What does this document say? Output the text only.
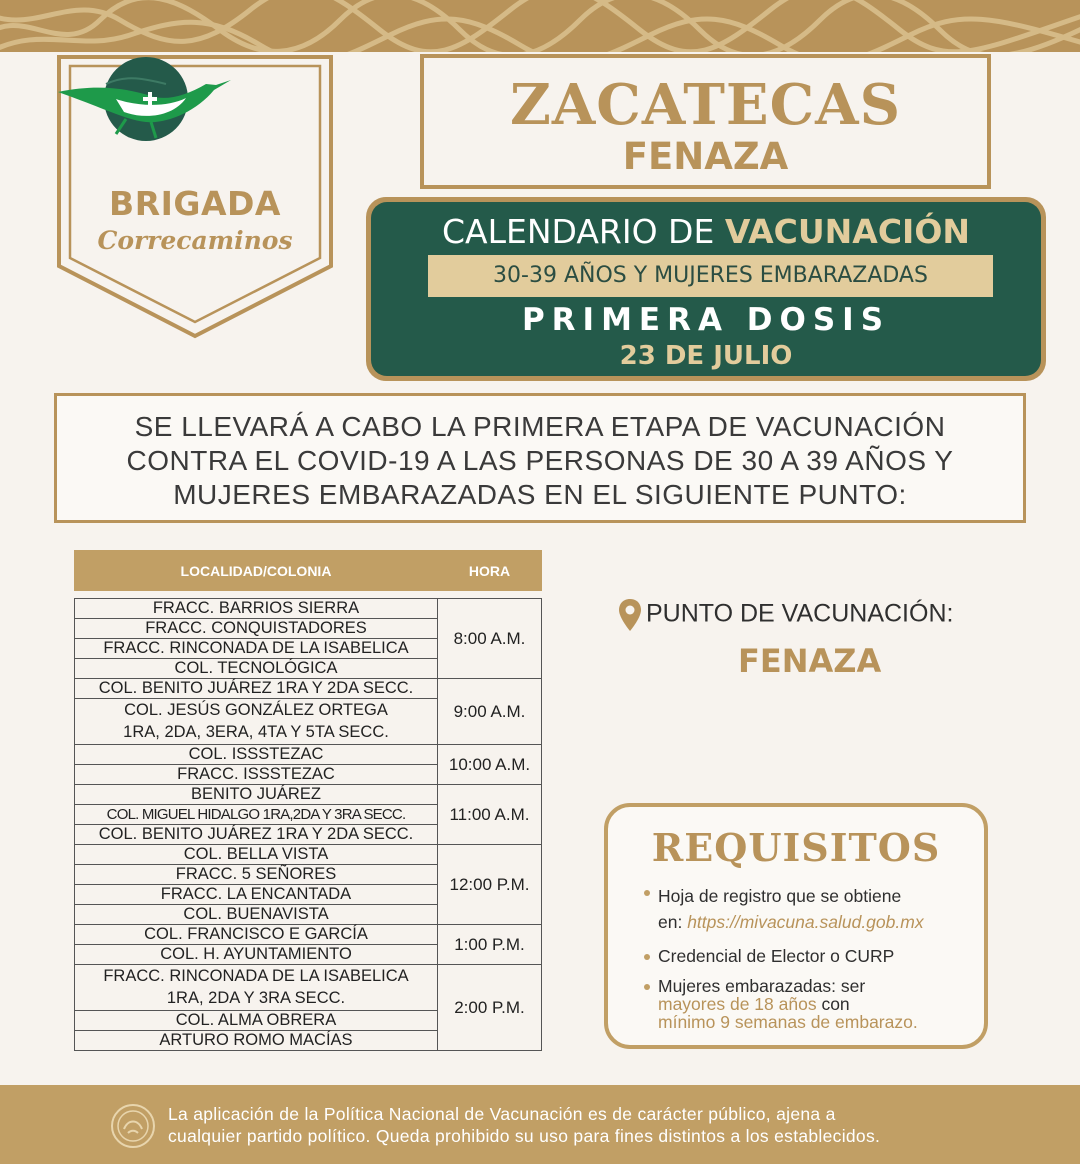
BRIGADA
Correcaminos
ZACATECAS
FENAZA
CALENDARIO DE VACUNACIÓN
30-39 AÑOS Y MUJERES EMBARAZADAS
PRIMERA DOSIS
23 DE JULIO
SE LLEVARÁ A CABO LA PRIMERA ETAPA DE VACUNACIÓN
CONTRA EL COVID-19 A LAS PERSONAS DE 30 A 39 AÑOS Y
MUJERES EMBARAZADAS EN EL SIGUIENTE PUNTO:
LOCALIDAD/COLONIA	HORA

FRACC. BARRIOS SIERRA	8:00 A.M.
FRACC. CONQUISTADORES	
FRACC. RINCONADA DE LA ISABELICA	
COL. TECNOLÓGICA	
COL. BENITO JUÁREZ 1RA Y 2DA SECC.	9:00 A.M.
COL. JESÚS GONZÁLEZ ORTEGA	
1RA, 2DA, 3ERA, 4TA Y 5TA SECC.	
COL. ISSSTEZAC	10:00 A.M.
FRACC. ISSSTEZAC	
BENITO JUÁREZ	11:00 A.M.
COL. MIGUEL HIDALGO 1RA,2DA Y 3RA SECC.	
COL. BENITO JUÁREZ 1RA Y 2DA SECC.	
COL. BELLA VISTA	12:00 P.M.
FRACC. 5 SEÑORES	
FRACC. LA ENCANTADA	
COL. BUENAVISTA	
COL. FRANCISCO E GARCÍA	1:00 P.M.
COL. H. AYUNTAMIENTO	
FRACC. RINCONADA DE LA ISABELICA	2:00 P.M.
1RA, 2DA Y 3RA SECC.	
COL. ALMA OBRERA	
ARTURO ROMO MACÍAS	
PUNTO DE VACUNACIÓN:
FENAZA
REQUISITOS
Hoja de registro que se obtiene
en: https://mivacuna.salud.gob.mx
Credencial de Elector o CURP
Mujeres embarazadas: ser
mayores de 18 años con
mínimo 9 semanas de embarazo.
La aplicación de la Política Nacional de Vacunación es de carácter público, ajena a
cualquier partido político. Queda prohibido su uso para fines distintos a los establecidos.
